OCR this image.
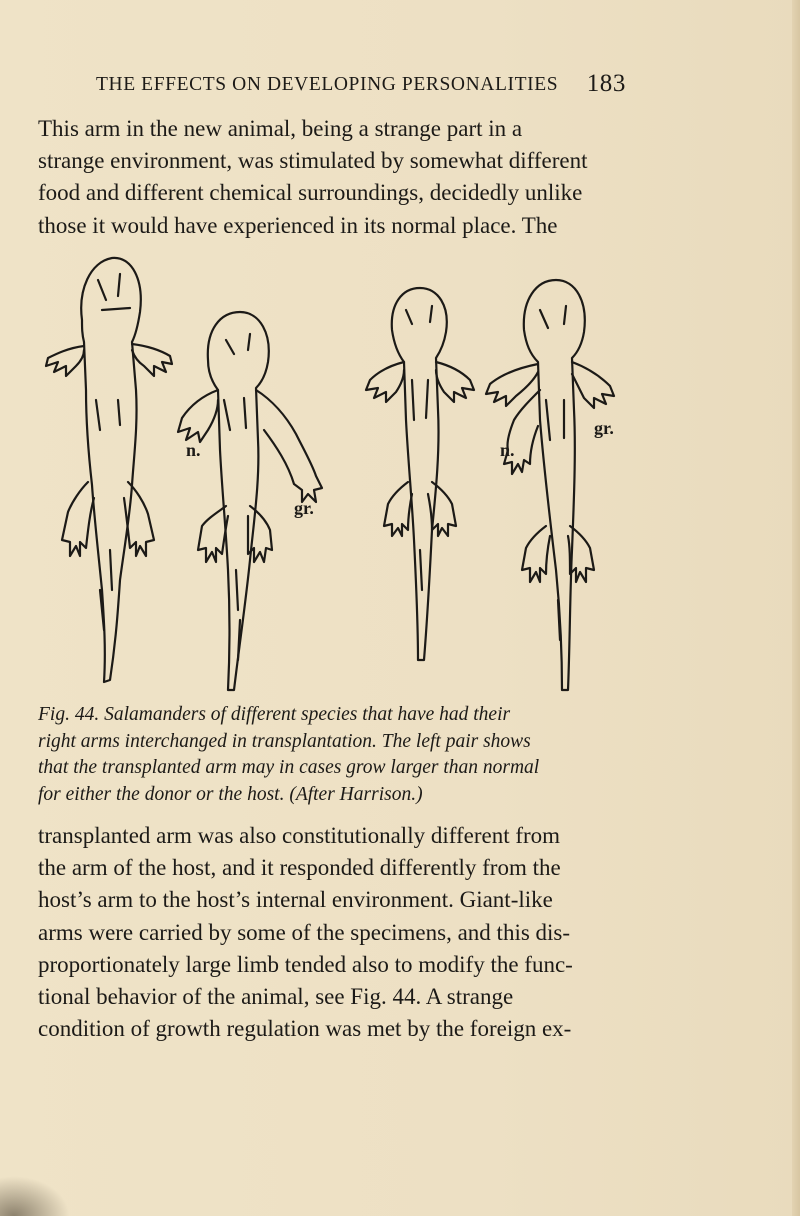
THE EFFECTS ON DEVELOPING PERSONALITIES 183
This arm in the new animal, being a strange part in a
strange environment, was stimulated by somewhat different
food and different chemical surroundings, decidedly unlike
those it would have experienced in its normal place. The
n.
gr.
n.
gr.
Fig. 44. Salamanders of different species that have had their
right arms interchanged in transplantation. The left pair shows
that the transplanted arm may in cases grow larger than normal
for either the donor or the host. (After Harrison.)
transplanted arm was also constitutionally different from
the arm of the host, and it responded differently from the
host’s arm to the host’s internal environment. Giant-like
arms were carried by some of the specimens, and this dis-
proportionately large limb tended also to modify the func-
tional behavior of the animal, see Fig. 44. A strange
condition of growth regulation was met by the foreign ex-
